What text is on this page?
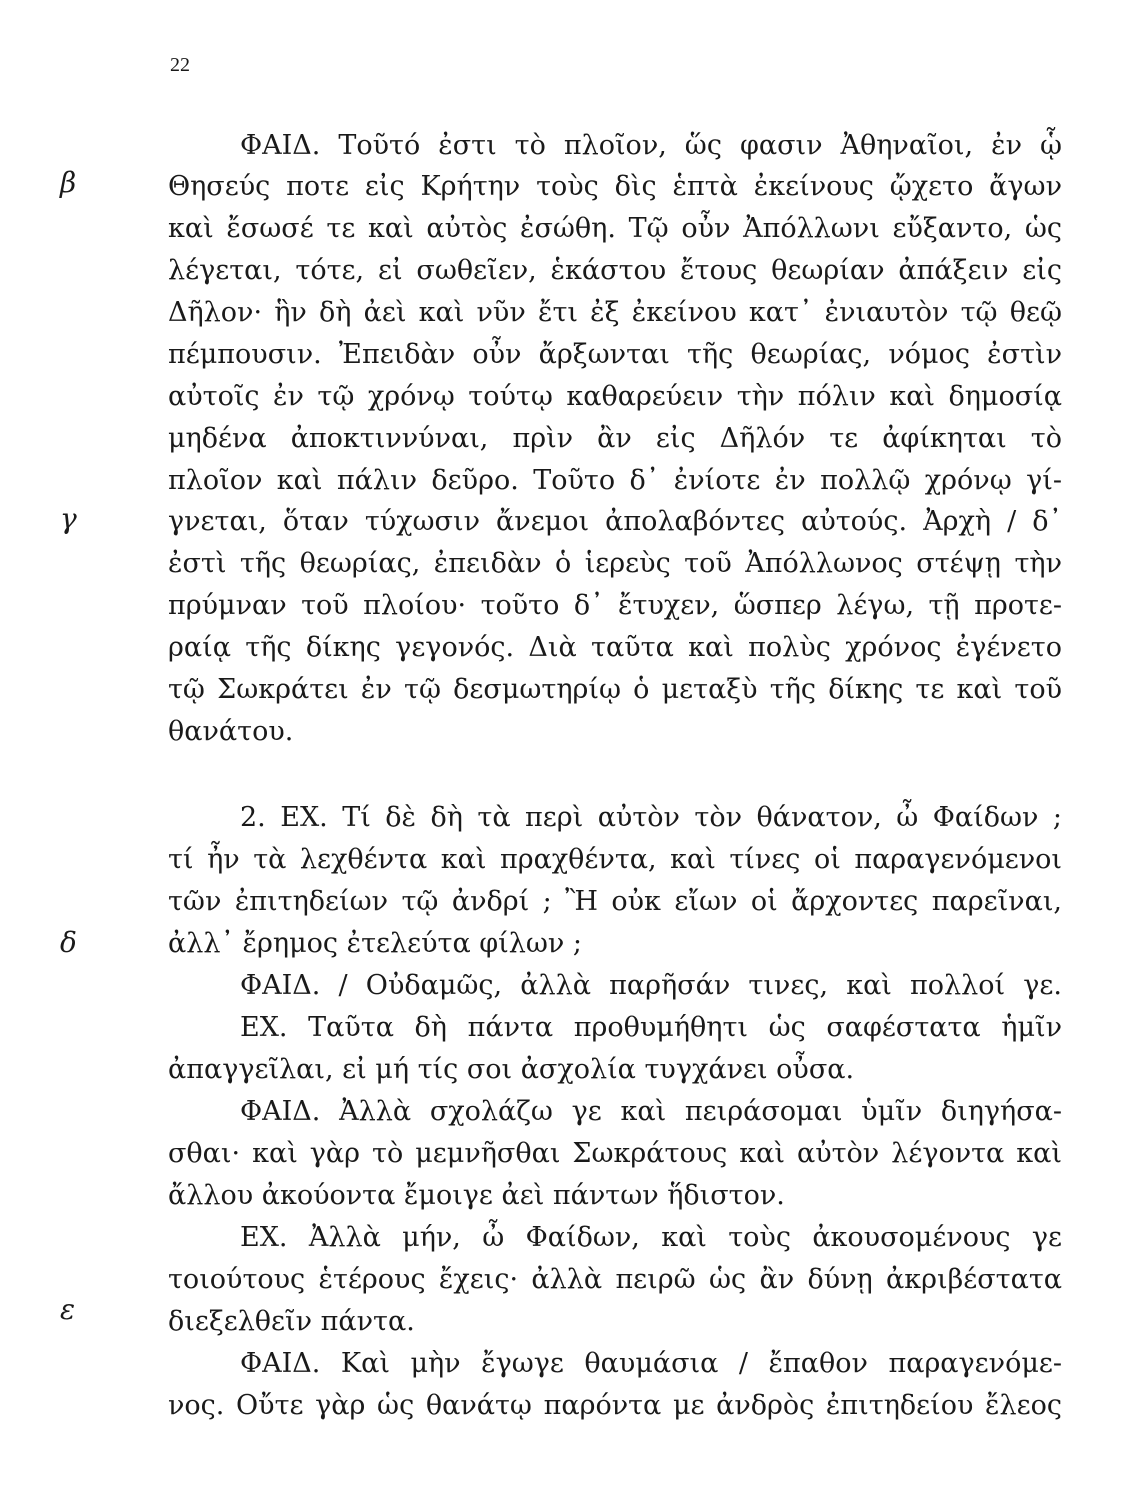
22
β
γ
δ
ε
ΦΑΙΔ. Τοῦτό ἐστι τὸ πλοῖον, ὥς φασιν Ἀθηναῖοι, ἐν ᾧ
Θησεύς ποτε εἰς Κρήτην τοὺς δὶς ἑπτὰ ἐκείνους ᾤχετο ἄγων
καὶ ἔσωσέ τε καὶ αὐτὸς ἐσώθη. Τῷ οὖν Ἀπόλλωνι εὔξαντο, ὡς
λέγεται, τότε, εἰ σωθεῖεν, ἑκάστου ἔτους θεωρίαν ἀπάξειν εἰς
Δῆλον· ἣν δὴ ἀεὶ καὶ νῦν ἔτι ἐξ ἐκείνου κατ᾽ ἐνιαυτὸν τῷ θεῷ
πέμπουσιν. Ἐπειδὰν οὖν ἄρξωνται τῆς θεωρίας, νόμος ἐστὶν
αὐτοῖς ἐν τῷ χρόνῳ τούτῳ καθαρεύειν τὴν πόλιν καὶ δημοσίᾳ
μηδένα ἀποκτιννύναι, πρὶν ἂν εἰς Δῆλόν τε ἀφίκηται τὸ
πλοῖον καὶ πάλιν δεῦρο. Τοῦτο δ᾽ ἐνίοτε ἐν πολλῷ χρόνῳ γί-
γνεται, ὅταν τύχωσιν ἄνεμοι ἀπολαβόντες αὐτούς. Ἀρχὴ / δ᾽
ἐστὶ τῆς θεωρίας, ἐπειδὰν ὁ ἱερεὺς τοῦ Ἀπόλλωνος στέψῃ τὴν
πρύμναν τοῦ πλοίου· τοῦτο δ᾽ ἔτυχεν, ὥσπερ λέγω, τῇ προτε-
ραίᾳ τῆς δίκης γεγονός. Διὰ ταῦτα καὶ πολὺς χρόνος ἐγένετο
τῷ Σωκράτει ἐν τῷ δεσμωτηρίῳ ὁ μεταξὺ τῆς δίκης τε καὶ τοῦ
θανάτου.
2. ΕΧ. Τί δὲ δὴ τὰ περὶ αὐτὸν τὸν θάνατον, ὦ Φαίδων ;
τί ἦν τὰ λεχθέντα καὶ πραχθέντα, καὶ τίνες οἱ παραγενόμενοι
τῶν ἐπιτηδείων τῷ ἀνδρί ; Ἢ οὐκ εἴων οἱ ἄρχοντες παρεῖναι,
ἀλλ᾽ ἔρημος ἐτελεύτα φίλων ;
ΦΑΙΔ. / Οὐδαμῶς, ἀλλὰ παρῆσάν τινες, καὶ πολλοί γε.
ΕΧ. Ταῦτα δὴ πάντα προθυμήθητι ὡς σαφέστατα ἡμῖν
ἀπαγγεῖλαι, εἰ μή τίς σοι ἀσχολία τυγχάνει οὖσα.
ΦΑΙΔ. Ἀλλὰ σχολάζω γε καὶ πειράσομαι ὑμῖν διηγήσα-
σθαι· καὶ γὰρ τὸ μεμνῆσθαι Σωκράτους καὶ αὐτὸν λέγοντα καὶ
ἄλλου ἀκούοντα ἔμοιγε ἀεὶ πάντων ἥδιστον.
ΕΧ. Ἀλλὰ μήν, ὦ Φαίδων, καὶ τοὺς ἀκουσομένους γε
τοιούτους ἑτέρους ἔχεις· ἀλλὰ πειρῶ ὡς ἂν δύνῃ ἀκριβέστατα
διεξελθεῖν πάντα.
ΦΑΙΔ. Καὶ μὴν ἔγωγε θαυμάσια / ἔπαθον παραγενόμε-
νος. Οὔτε γὰρ ὡς θανάτῳ παρόντα με ἀνδρὸς ἐπιτηδείου ἔλεος
